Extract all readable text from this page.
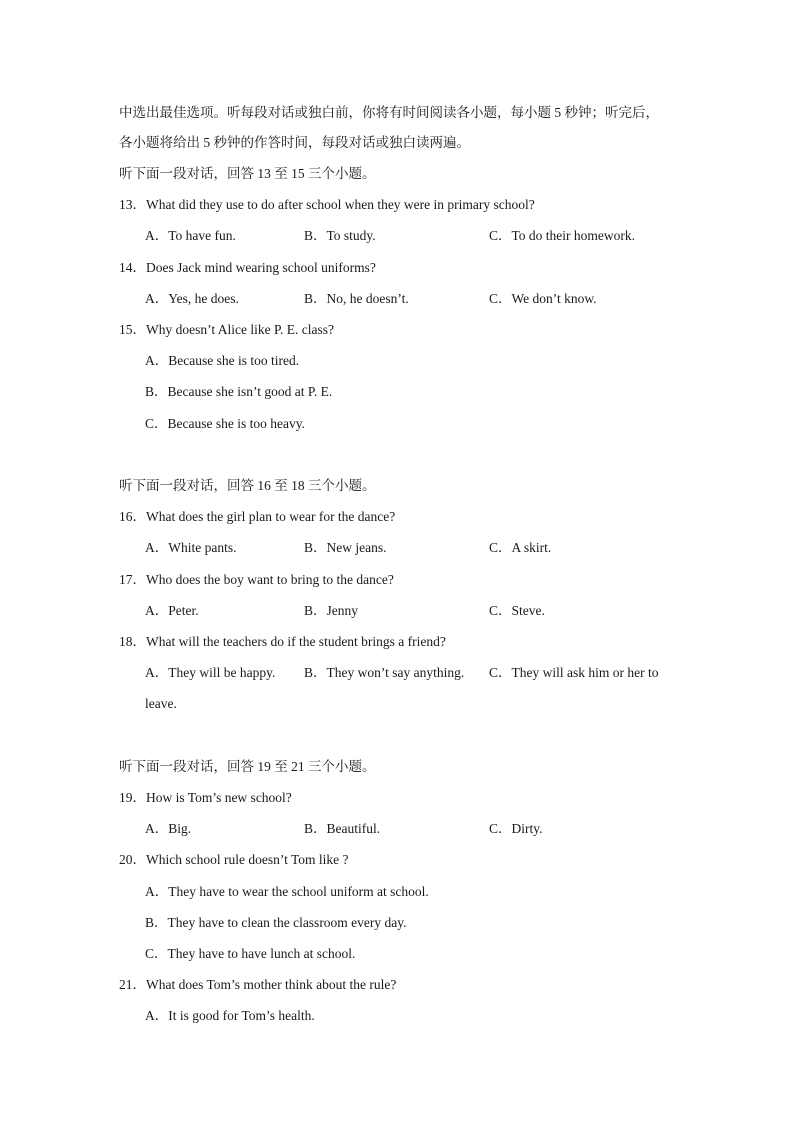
中选出最佳选项。听每段对话或独白前，你将有时间阅读各小题，每小题 5 秒钟；听完后，
各小题将给出 5 秒钟的作答时间，每段对话或独白读两遍。
听下面一段对话，回答 13 至 15 三个小题。
13．What did they use to do after school when they were in primary school?
A．To have fun.	B．To study.	C．To do their homework.
14．Does Jack mind wearing school uniforms?
A．Yes, he does.	B．No, he doesn’t.	C．We don’t know.
15．Why doesn’t Alice like P. E. class?
A．Because she is too tired.
B．Because she isn’t good at P. E.
C．Because she is too heavy.
听下面一段对话，回答 16 至 18 三个小题。
16．What does the girl plan to wear for the dance?
A．White pants.	B．New jeans.	C．A skirt.
17．Who does the boy want to bring to the dance?
A．Peter.	B．Jenny	C．Steve.
18．What will the teachers do if the student brings a friend?
A．They will be happy. B．They won’t say anything. C．They will ask him or her to
leave.
听下面一段对话，回答 19 至 21 三个小题。
19．How is Tom’s new school?
A．Big.	B．Beautiful.	C．Dirty.
20．Which school rule doesn’t Tom like ?
A．They have to wear the school uniform at school.
B．They have to clean the classroom every day.
C．They have to have lunch at school.
21．What does Tom’s mother think about the rule?
A．It is good for Tom’s health.
